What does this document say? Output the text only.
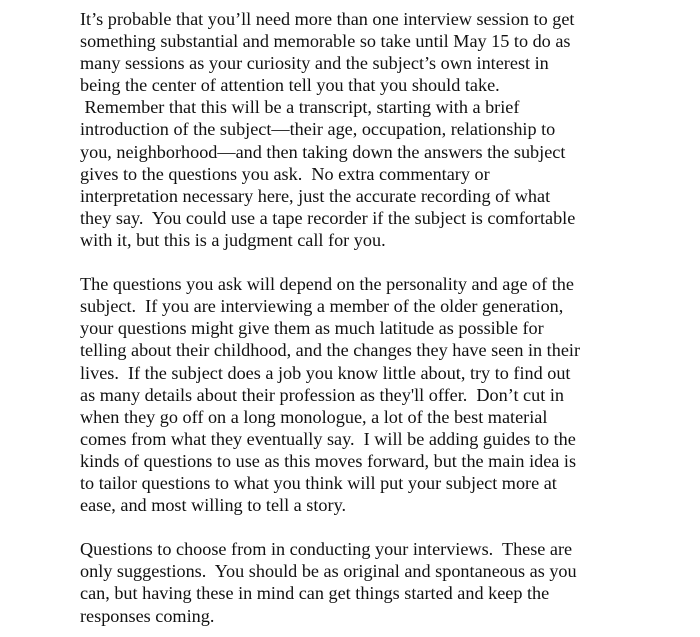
It’s probable that you’ll need more than one interview session to get
something substantial and memorable so take until May 15 to do as
many sessions as your curiosity and the subject’s own interest in
being the center of attention tell you that you should take.
Remember that this will be a transcript, starting with a brief
introduction of the subject—their age, occupation, relationship to
you, neighborhood—and then taking down the answers the subject
gives to the questions you ask.  No extra commentary or
interpretation necessary here, just the accurate recording of what
they say.  You could use a tape recorder if the subject is comfortable
with it, but this is a judgment call for you.
The questions you ask will depend on the personality and age of the
subject.  If you are interviewing a member of the older generation,
your questions might give them as much latitude as possible for
telling about their childhood, and the changes they have seen in their
lives.  If the subject does a job you know little about, try to find out
as many details about their profession as they'll offer.  Don’t cut in
when they go off on a long monologue, a lot of the best material
comes from what they eventually say.  I will be adding guides to the
kinds of questions to use as this moves forward, but the main idea is
to tailor questions to what you think will put your subject more at
ease, and most willing to tell a story.
Questions to choose from in conducting your interviews.  These are
only suggestions.  You should be as original and spontaneous as you
can, but having these in mind can get things started and keep the
responses coming.
